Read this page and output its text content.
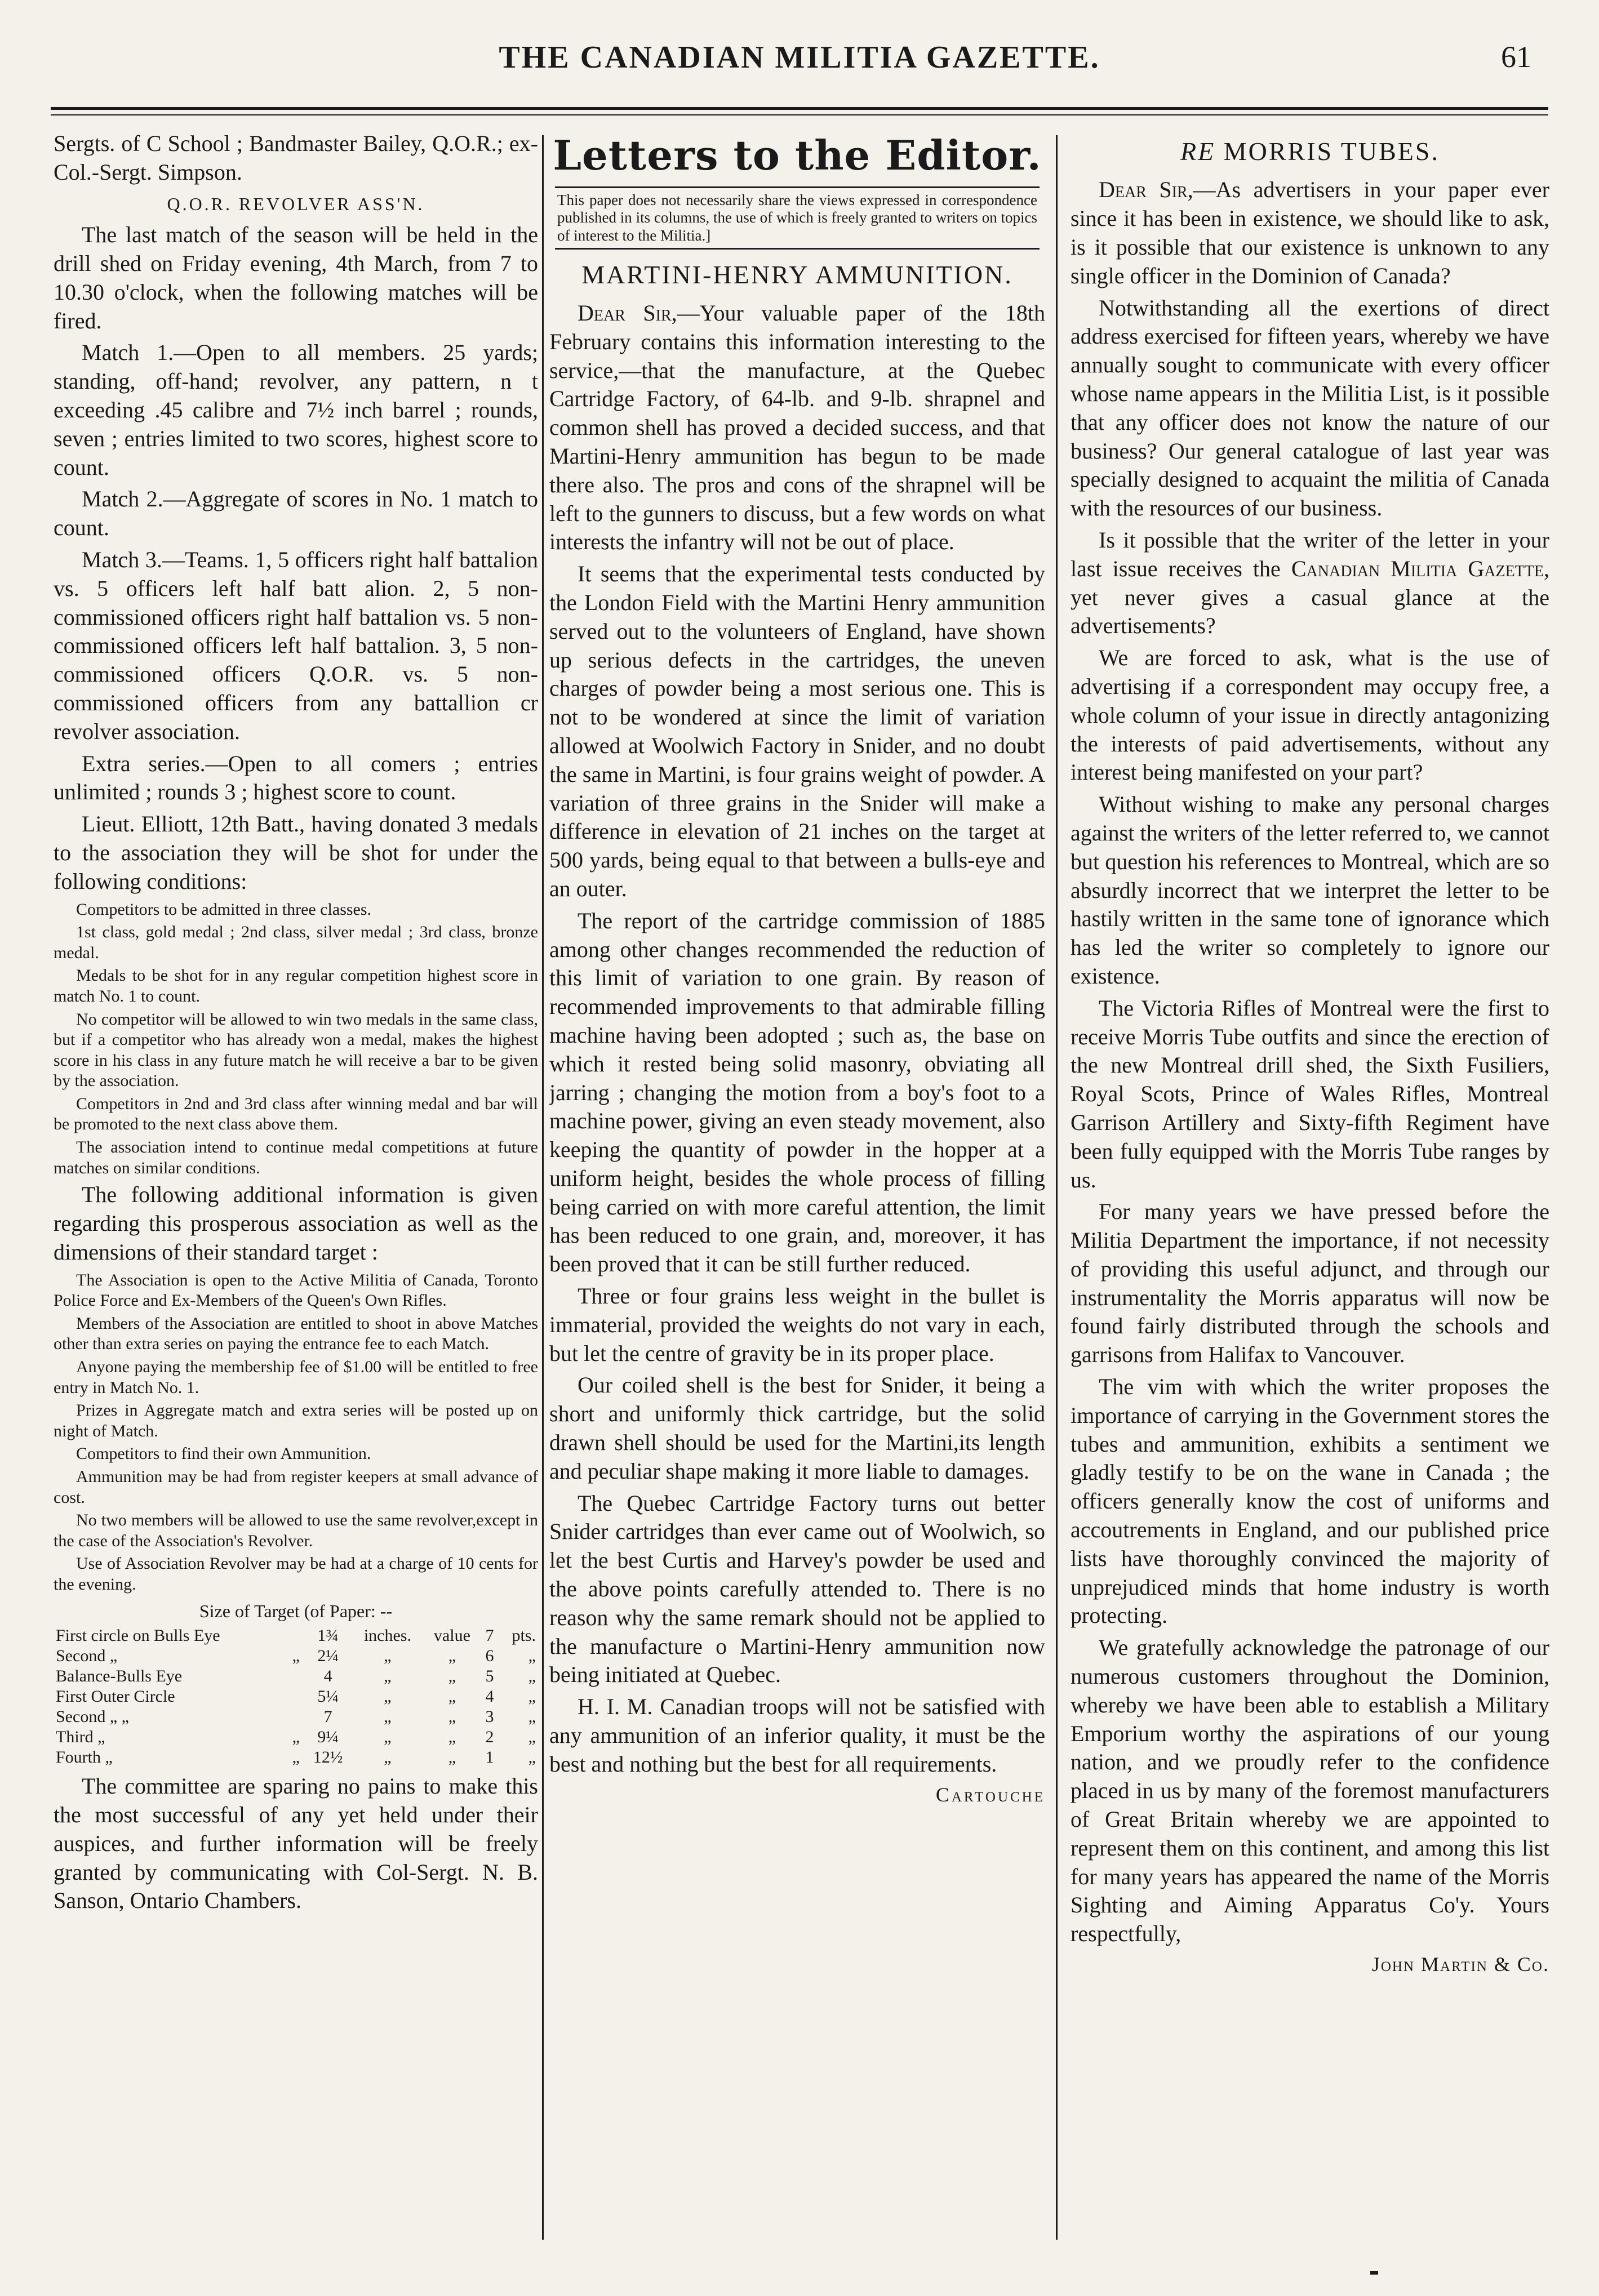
THE CANADIAN MILITIA GAZETTE.	61

Sergts. of C School ; Bandmaster Bailey, Q.O.R.; ex-Col.-Sergt. Simpson.

Q.O.R. REVOLVER ASS'N.

The last match of the season will be held in the drill shed on Friday evening, 4th March, from 7 to 10.30 o'clock, when the following matches will be fired.

Match 1.—Open to all members. 25 yards; standing, off-hand; revolver, any pattern, n t exceeding .45 calibre and 7½ inch barrel ; rounds, seven ; entries limited to two scores, highest score to count.

Match 2.—Aggregate of scores in No. 1 match to count.

Match 3.—Teams. 1, 5 officers right half battalion vs. 5 officers left half batt alion. 2, 5 non-commissioned officers right half battalion vs. 5 non-commissioned officers left half battalion. 3, 5 non-commissioned officers Q.O.R. vs. 5 non-commissioned officers from any battallion cr revolver association.

Extra series.—Open to all comers ; entries unlimited ; rounds 3 ; highest score to count.

Lieut. Elliott, 12th Batt., having donated 3 medals to the association they will be shot for under the following conditions:

Competitors to be admitted in three classes.

1st class, gold medal ; 2nd class, silver medal ; 3rd class, bronze medal.

Medals to be shot for in any regular competition highest score in match No. 1 to count.

No competitor will be allowed to win two medals in the same class, but if a competitor who has already won a medal, makes the highest score in his class in any future match he will receive a bar to be given by the association.

Competitors in 2nd and 3rd class after winning medal and bar will be promoted to the next class above them.

The association intend to continue medal competitions at future matches on similar conditions.

The following additional information is given regarding this prosperous association as well as the dimensions of their standard target :

The Association is open to the Active Militia of Canada, Toronto Police Force and Ex-Members of the Queen's Own Rifles.

Members of the Association are entitled to shoot in above Matches other than extra series on paying the entrance fee to each Match.

Anyone paying the membership fee of $1.00 will be entitled to free entry in Match No. 1.

Prizes in Aggregate match and extra series will be posted up on night of Match.

Competitors to find their own Ammunition.

Ammunition may be had from register keepers at small advance of cost.

No two members will be allowed to use the same revolver,except in the case of the Association's Revolver.

Use of Association Revolver may be had at a charge of 10 cents for the evening.

Size of Target (of Paper: --
First circle on Bulls Eye		1¾	inches.	value	7	pts.
Second „	„	2¼	„	„	6	„
Balance-Bulls Eye		4	„	„	5	„
First Outer Circle		5¼	„	„	4	„
Second „ „		7	„	„	3	„
Third „	„	9¼	„	„	2	„
Fourth „	„	12½	„	„	1	„

The committee are sparing no pains to make this the most successful of any yet held under their auspices, and further information will be freely granted by communicating with Col-Sergt. N. B. Sanson, Ontario Chambers.

Letters to the Editor.
This paper does not necessarily share the views expressed in correspondence published in its columns, the use of which is freely granted to writers on topics of interest to the Militia.]
MARTINI-HENRY AMMUNITION.

Dear Sir,—Your valuable paper of the 18th February contains this information interesting to the service,—that the manufacture, at the Quebec Cartridge Factory, of 64-lb. and 9-lb. shrapnel and common shell has proved a decided success, and that Martini-Henry ammunition has begun to be made there also. The pros and cons of the shrapnel will be left to the gunners to discuss, but a few words on what interests the infantry will not be out of place.

It seems that the experimental tests conducted by the London Field with the Martini Henry ammunition served out to the volunteers of England, have shown up serious defects in the cartridges, the uneven charges of powder being a most serious one. This is not to be wondered at since the limit of variation allowed at Woolwich Factory in Snider, and no doubt the same in Martini, is four grains weight of powder. A variation of three grains in the Snider will make a difference in elevation of 21 inches on the target at 500 yards, being equal to that between a bulls-eye and an outer.

The report of the cartridge commission of 1885 among other changes recommended the reduction of this limit of variation to one grain. By reason of recommended improvements to that admirable filling machine having been adopted ; such as, the base on which it rested being solid masonry, obviating all jarring ; changing the motion from a boy's foot to a machine power, giving an even steady movement, also keeping the quantity of powder in the hopper at a uniform height, besides the whole process of filling being carried on with more careful attention, the limit has been reduced to one grain, and, moreover, it has been proved that it can be still further reduced.

Three or four grains less weight in the bullet is immaterial, provided the weights do not vary in each, but let the centre of gravity be in its proper place.

Our coiled shell is the best for Snider, it being a short and uniformly thick cartridge, but the solid drawn shell should be used for the Martini,its length and peculiar shape making it more liable to damages.

The Quebec Cartridge Factory turns out better Snider cartridges than ever came out of Woolwich, so let the best Curtis and Harvey's powder be used and the above points carefully attended to. There is no reason why the same remark should not be applied to the manufacture o Martini-Henry ammunition now being initiated at Quebec.

H. I. M. Canadian troops will not be satisfied with any ammunition of an inferior quality, it must be the best and nothing but the best for all requirements.

Cartouche
RE MORRIS TUBES.

Dear Sir,—As advertisers in your paper ever since it has been in existence, we should like to ask, is it possible that our existence is unknown to any single officer in the Dominion of Canada?

Notwithstanding all the exertions of direct address exercised for fifteen years, whereby we have annually sought to communicate with every officer whose name appears in the Militia List, is it possible that any officer does not know the nature of our business? Our general catalogue of last year was specially designed to acquaint the militia of Canada with the resources of our business.

Is it possible that the writer of the letter in your last issue receives the Canadian Militia Gazette, yet never gives a casual glance at the advertisements?

We are forced to ask, what is the use of advertising if a correspondent may occupy free, a whole column of your issue in directly antagonizing the interests of paid advertisements, without any interest being manifested on your part?

Without wishing to make any personal charges against the writers of the letter referred to, we cannot but question his references to Montreal, which are so absurdly incorrect that we interpret the letter to be hastily written in the same tone of ignorance which has led the writer so completely to ignore our existence.

The Victoria Rifles of Montreal were the first to receive Morris Tube outfits and since the erection of the new Montreal drill shed, the Sixth Fusiliers, Royal Scots, Prince of Wales Rifles, Montreal Garrison Artillery and Sixty-fifth Regiment have been fully equipped with the Morris Tube ranges by us.

For many years we have pressed before the Militia Department the importance, if not necessity of providing this useful adjunct, and through our instrumentality the Morris apparatus will now be found fairly distributed through the schools and garrisons from Halifax to Vancouver.

The vim with which the writer proposes the importance of carrying in the Government stores the tubes and ammunition, exhibits a sentiment we gladly testify to be on the wane in Canada ; the officers generally know the cost of uniforms and accoutrements in England, and our published price lists have thoroughly convinced the majority of unprejudiced minds that home industry is worth protecting.

We gratefully acknowledge the patronage of our numerous customers throughout the Dominion, whereby we have been able to establish a Military Emporium worthy the aspirations of our young nation, and we proudly refer to the confidence placed in us by many of the foremost manufacturers of Great Britain whereby we are appointed to represent them on this continent, and among this list for many years has appeared the name of the Morris Sighting and Aiming Apparatus Co'y. Yours respectfully,

John Martin & Co.
